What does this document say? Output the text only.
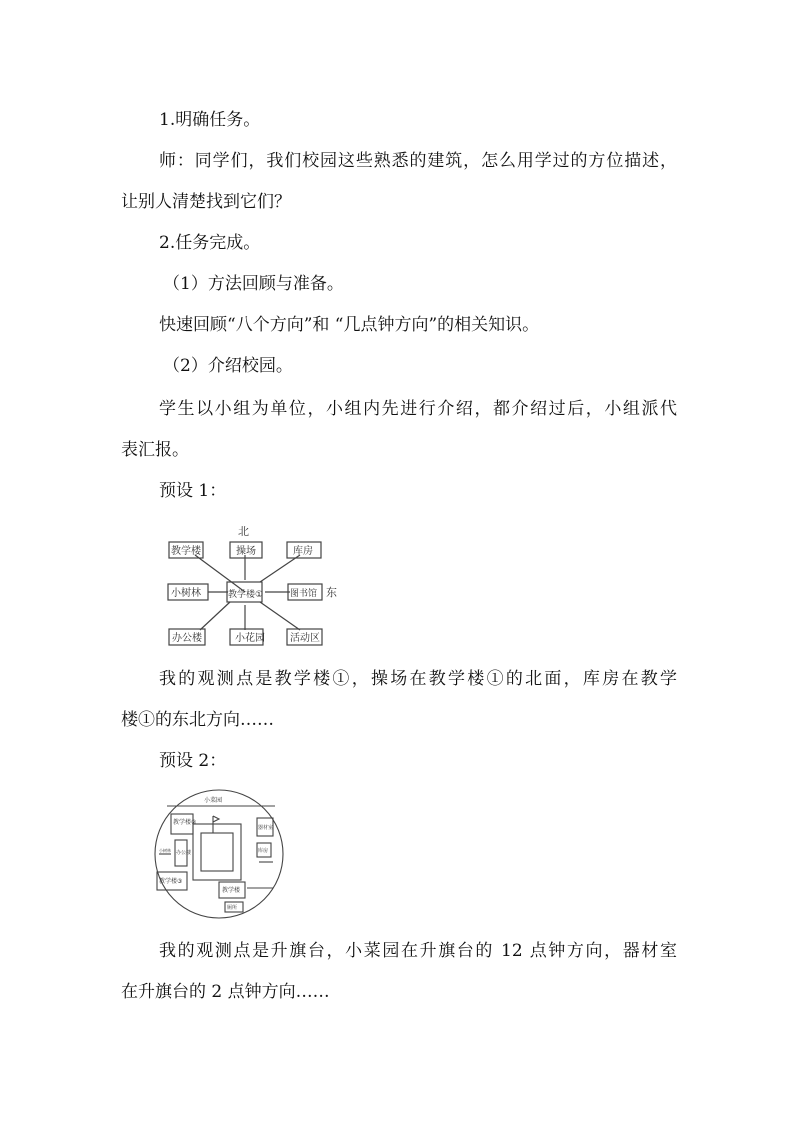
1.明确任务。
师：同学们，我们校园这些熟悉的建筑，怎么用学过的方位描述，
让别人清楚找到它们？
2.任务完成。
（1）方法回顾与准备。
快速回顾“八个方向”和 “几点钟方向”的相关知识。
（2）介绍校园。
学生以小组为单位，小组内先进行介绍，都介绍过后，小组派代
表汇报。
预设 1：
北
东
教学楼	操场	库房
小树林	教学楼①	图书馆
办公楼	小花园	活动区
我的观测点是教学楼①，操场在教学楼①的北面，库房在教学
楼①的东北方向……
预设 2：
小菜园
教学楼②
器材室
库房
办公楼
教学楼③
教学楼
小树林
厕所
我的观测点是升旗台，小菜园在升旗台的 12 点钟方向，器材室
在升旗台的 2 点钟方向……
